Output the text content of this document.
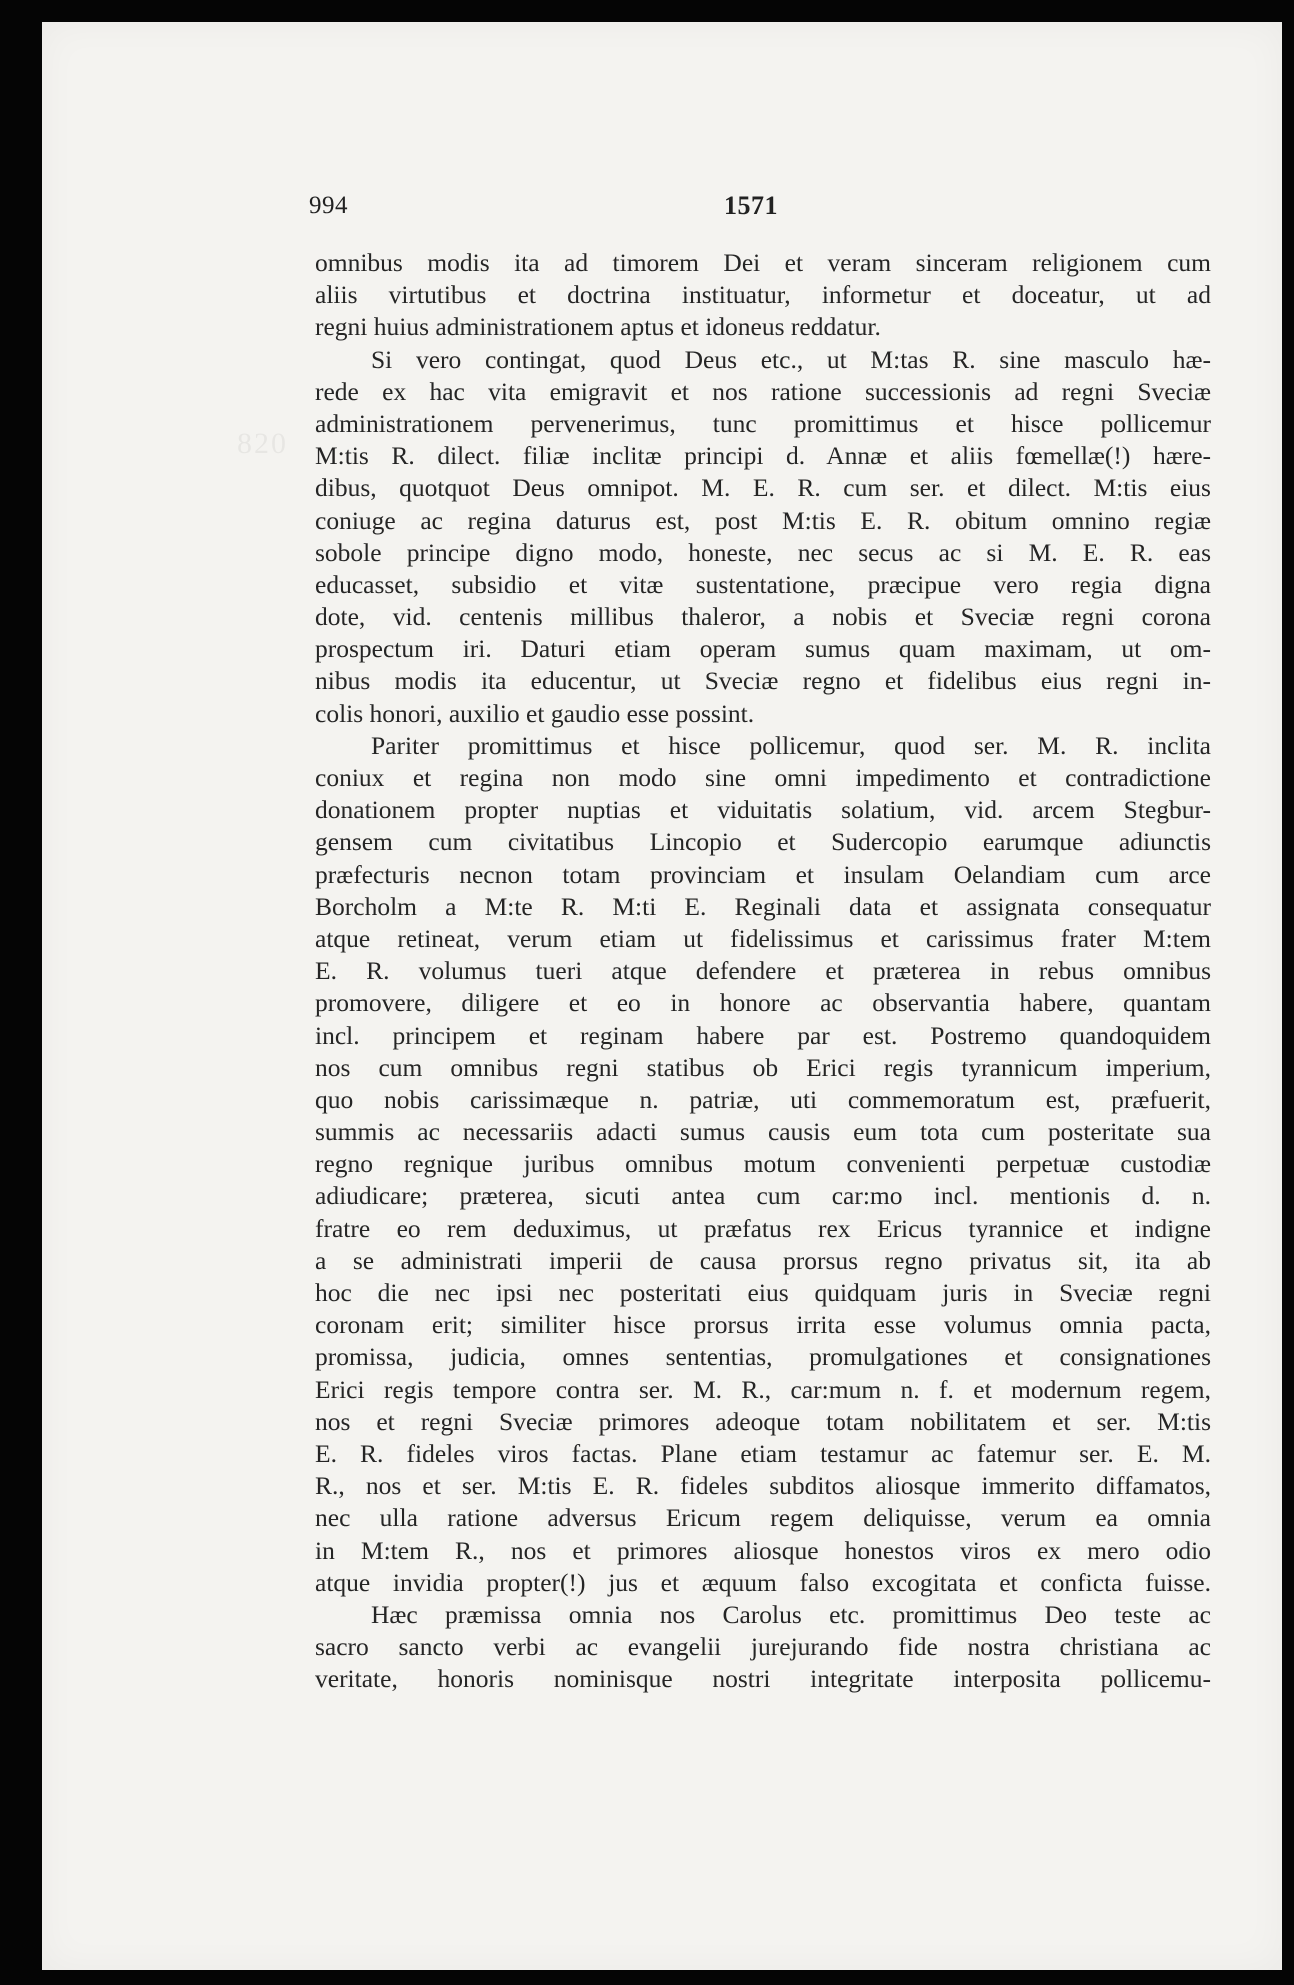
820
994	1571
omnibus modis ita ad timorem Dei et veram sinceram religionem cum
aliis virtutibus et doctrina instituatur, informetur et doceatur, ut ad
regni huius administrationem aptus et idoneus reddatur.
Si vero contingat, quod Deus etc., ut M:tas R. sine masculo hæ-
rede ex hac vita emigravit et nos ratione successionis ad regni Sveciæ
administrationem pervenerimus, tunc promittimus et hisce pollicemur
M:tis R. dilect. filiæ inclitæ principi d. Annæ et aliis fœmellæ(!) hære-
dibus, quotquot Deus omnipot. M. E. R. cum ser. et dilect. M:tis eius
coniuge ac regina daturus est, post M:tis E. R. obitum omnino regiæ
sobole principe digno modo, honeste, nec secus ac si M. E. R. eas
educasset, subsidio et vitæ sustentatione, præcipue vero regia digna
dote, vid. centenis millibus thaleror, a nobis et Sveciæ regni corona
prospectum iri. Daturi etiam operam sumus quam maximam, ut om-
nibus modis ita educentur, ut Sveciæ regno et fidelibus eius regni in-
colis honori, auxilio et gaudio esse possint.
Pariter promittimus et hisce pollicemur, quod ser. M. R. inclita
coniux et regina non modo sine omni impedimento et contradictione
donationem propter nuptias et viduitatis solatium, vid. arcem Stegbur-
gensem cum civitatibus Lincopio et Sudercopio earumque adiunctis
præfecturis necnon totam provinciam et insulam Oelandiam cum arce
Borcholm a M:te R. M:ti E. Reginali data et assignata consequatur
atque retineat, verum etiam ut fidelissimus et carissimus frater M:tem
E. R. volumus tueri atque defendere et præterea in rebus omnibus
promovere, diligere et eo in honore ac observantia habere, quantam
incl. principem et reginam habere par est. Postremo quandoquidem
nos cum omnibus regni statibus ob Erici regis tyrannicum imperium,
quo nobis carissimæque n. patriæ, uti commemoratum est, præfuerit,
summis ac necessariis adacti sumus causis eum tota cum posteritate sua
regno regnique juribus omnibus motum convenienti perpetuæ custodiæ
adiudicare; præterea, sicuti antea cum car:mo incl. mentionis d. n.
fratre eo rem deduximus, ut præfatus rex Ericus tyrannice et indigne
a se administrati imperii de causa prorsus regno privatus sit, ita ab
hoc die nec ipsi nec posteritati eius quidquam juris in Sveciæ regni
coronam erit; similiter hisce prorsus irrita esse volumus omnia pacta,
promissa, judicia, omnes sententias, promulgationes et consignationes
Erici regis tempore contra ser. M. R., car:mum n. f. et modernum regem,
nos et regni Sveciæ primores adeoque totam nobilitatem et ser. M:tis
E. R. fideles viros factas. Plane etiam testamur ac fatemur ser. E. M.
R., nos et ser. M:tis E. R. fideles subditos aliosque immerito diffamatos,
nec ulla ratione adversus Ericum regem deliquisse, verum ea omnia
in M:tem R., nos et primores aliosque honestos viros ex mero odio
atque invidia propter(!) jus et æquum falso excogitata et conficta fuisse.
Hæc præmissa omnia nos Carolus etc. promittimus Deo teste ac
sacro sancto verbi ac evangelii jurejurando fide nostra christiana ac
veritate, honoris nominisque nostri integritate interposita pollicemu-
